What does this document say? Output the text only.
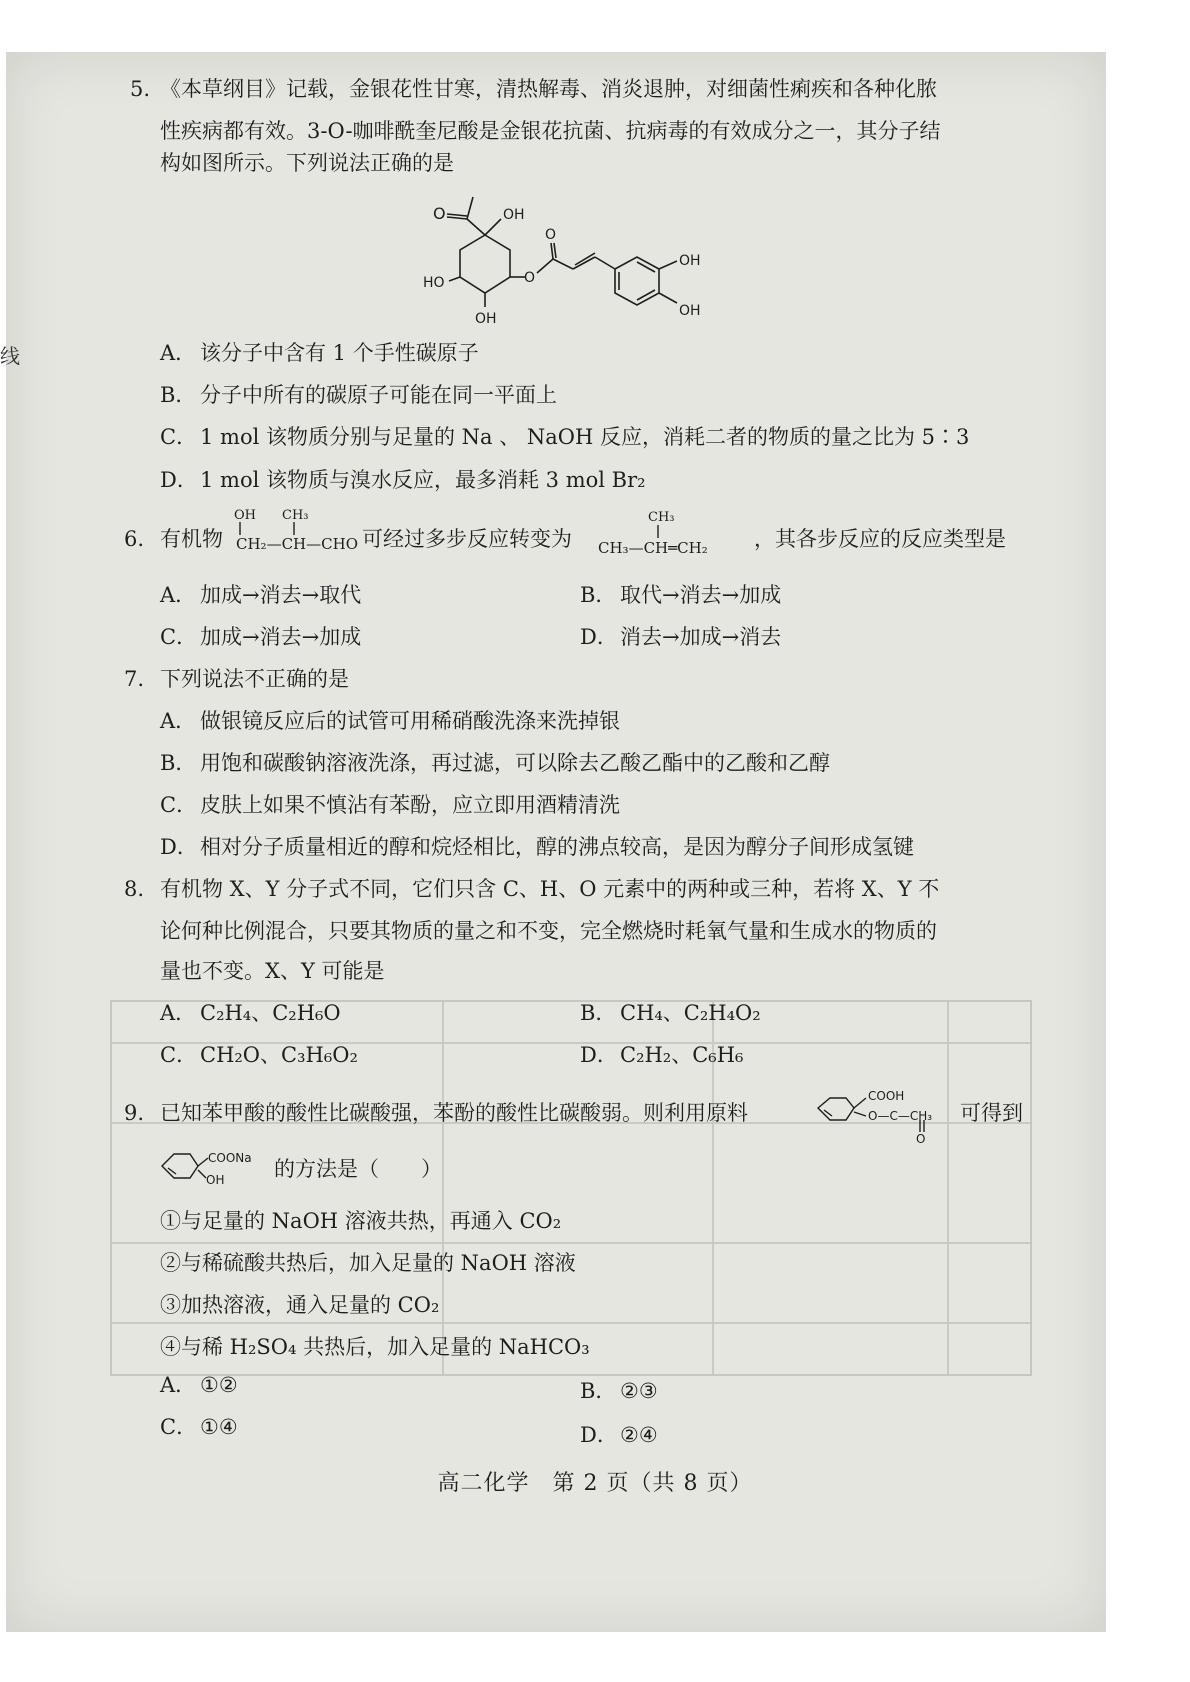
线
5. 《本草纲目》记载，金银花性甘寒，清热解毒、消炎退肿，对细菌性痢疾和各种化脓
性疾病都有效。3-O-咖啡酰奎尼酸是金银花抗菌、抗病毒的有效成分之一，其分子结
构如图所示。下列说法正确的是
O	OH
HO
OH
O
O
OH
OH
A． 该分子中含有 1 个手性碳原子
B． 分子中所有的碳原子可能在同一平面上
C． 1 mol 该物质分别与足量的 Na 、 NaOH 反应，消耗二者的物质的量之比为 5∶3
D． 1 mol 该物质与溴水反应，最多消耗 3 mol Br₂
6. 有机物
OH CH₃
CH₂—CH—CHO 可经过多步反应转变为
CH₃
CH₃—CH═CH₂ ，其各步反应的反应类型是
A． 加成→消去→取代	B． 取代→消去→加成
C． 加成→消去→加成	D． 消去→加成→消去
7. 下列说法不正确的是
A． 做银镜反应后的试管可用稀硝酸洗涤来洗掉银
B． 用饱和碳酸钠溶液洗涤，再过滤，可以除去乙酸乙酯中的乙酸和乙醇
C． 皮肤上如果不慎沾有苯酚，应立即用酒精清洗
D． 相对分子质量相近的醇和烷烃相比，醇的沸点较高，是因为醇分子间形成氢键
8. 有机物 X、Y 分子式不同，它们只含 C、H、O 元素中的两种或三种，若将 X、Y 不
论何种比例混合，只要其物质的量之和不变，完全燃烧时耗氧气量和生成水的物质的
量也不变。X、Y 可能是
A． C₂H₄、C₂H₆O	B． CH₄、C₂H₄O₂
C． CH₂O、C₃H₆O₂	D． C₂H₂、C₆H₆
9. 已知苯甲酸的酸性比碳酸强，苯酚的酸性比碳酸弱。则利用原料
COOH
O—C—CH₃
O
可得到
COONa
OH 的方法是（　　）
①与足量的 NaOH 溶液共热，再通入 CO₂
②与稀硫酸共热后，加入足量的 NaOH 溶液
③加热溶液，通入足量的 CO₂
④与稀 H₂SO₄ 共热后，加入足量的 NaHCO₃
A． ①②	B． ②③
C． ①④	D． ②④
高二化学　第 2 页（共 8 页）
